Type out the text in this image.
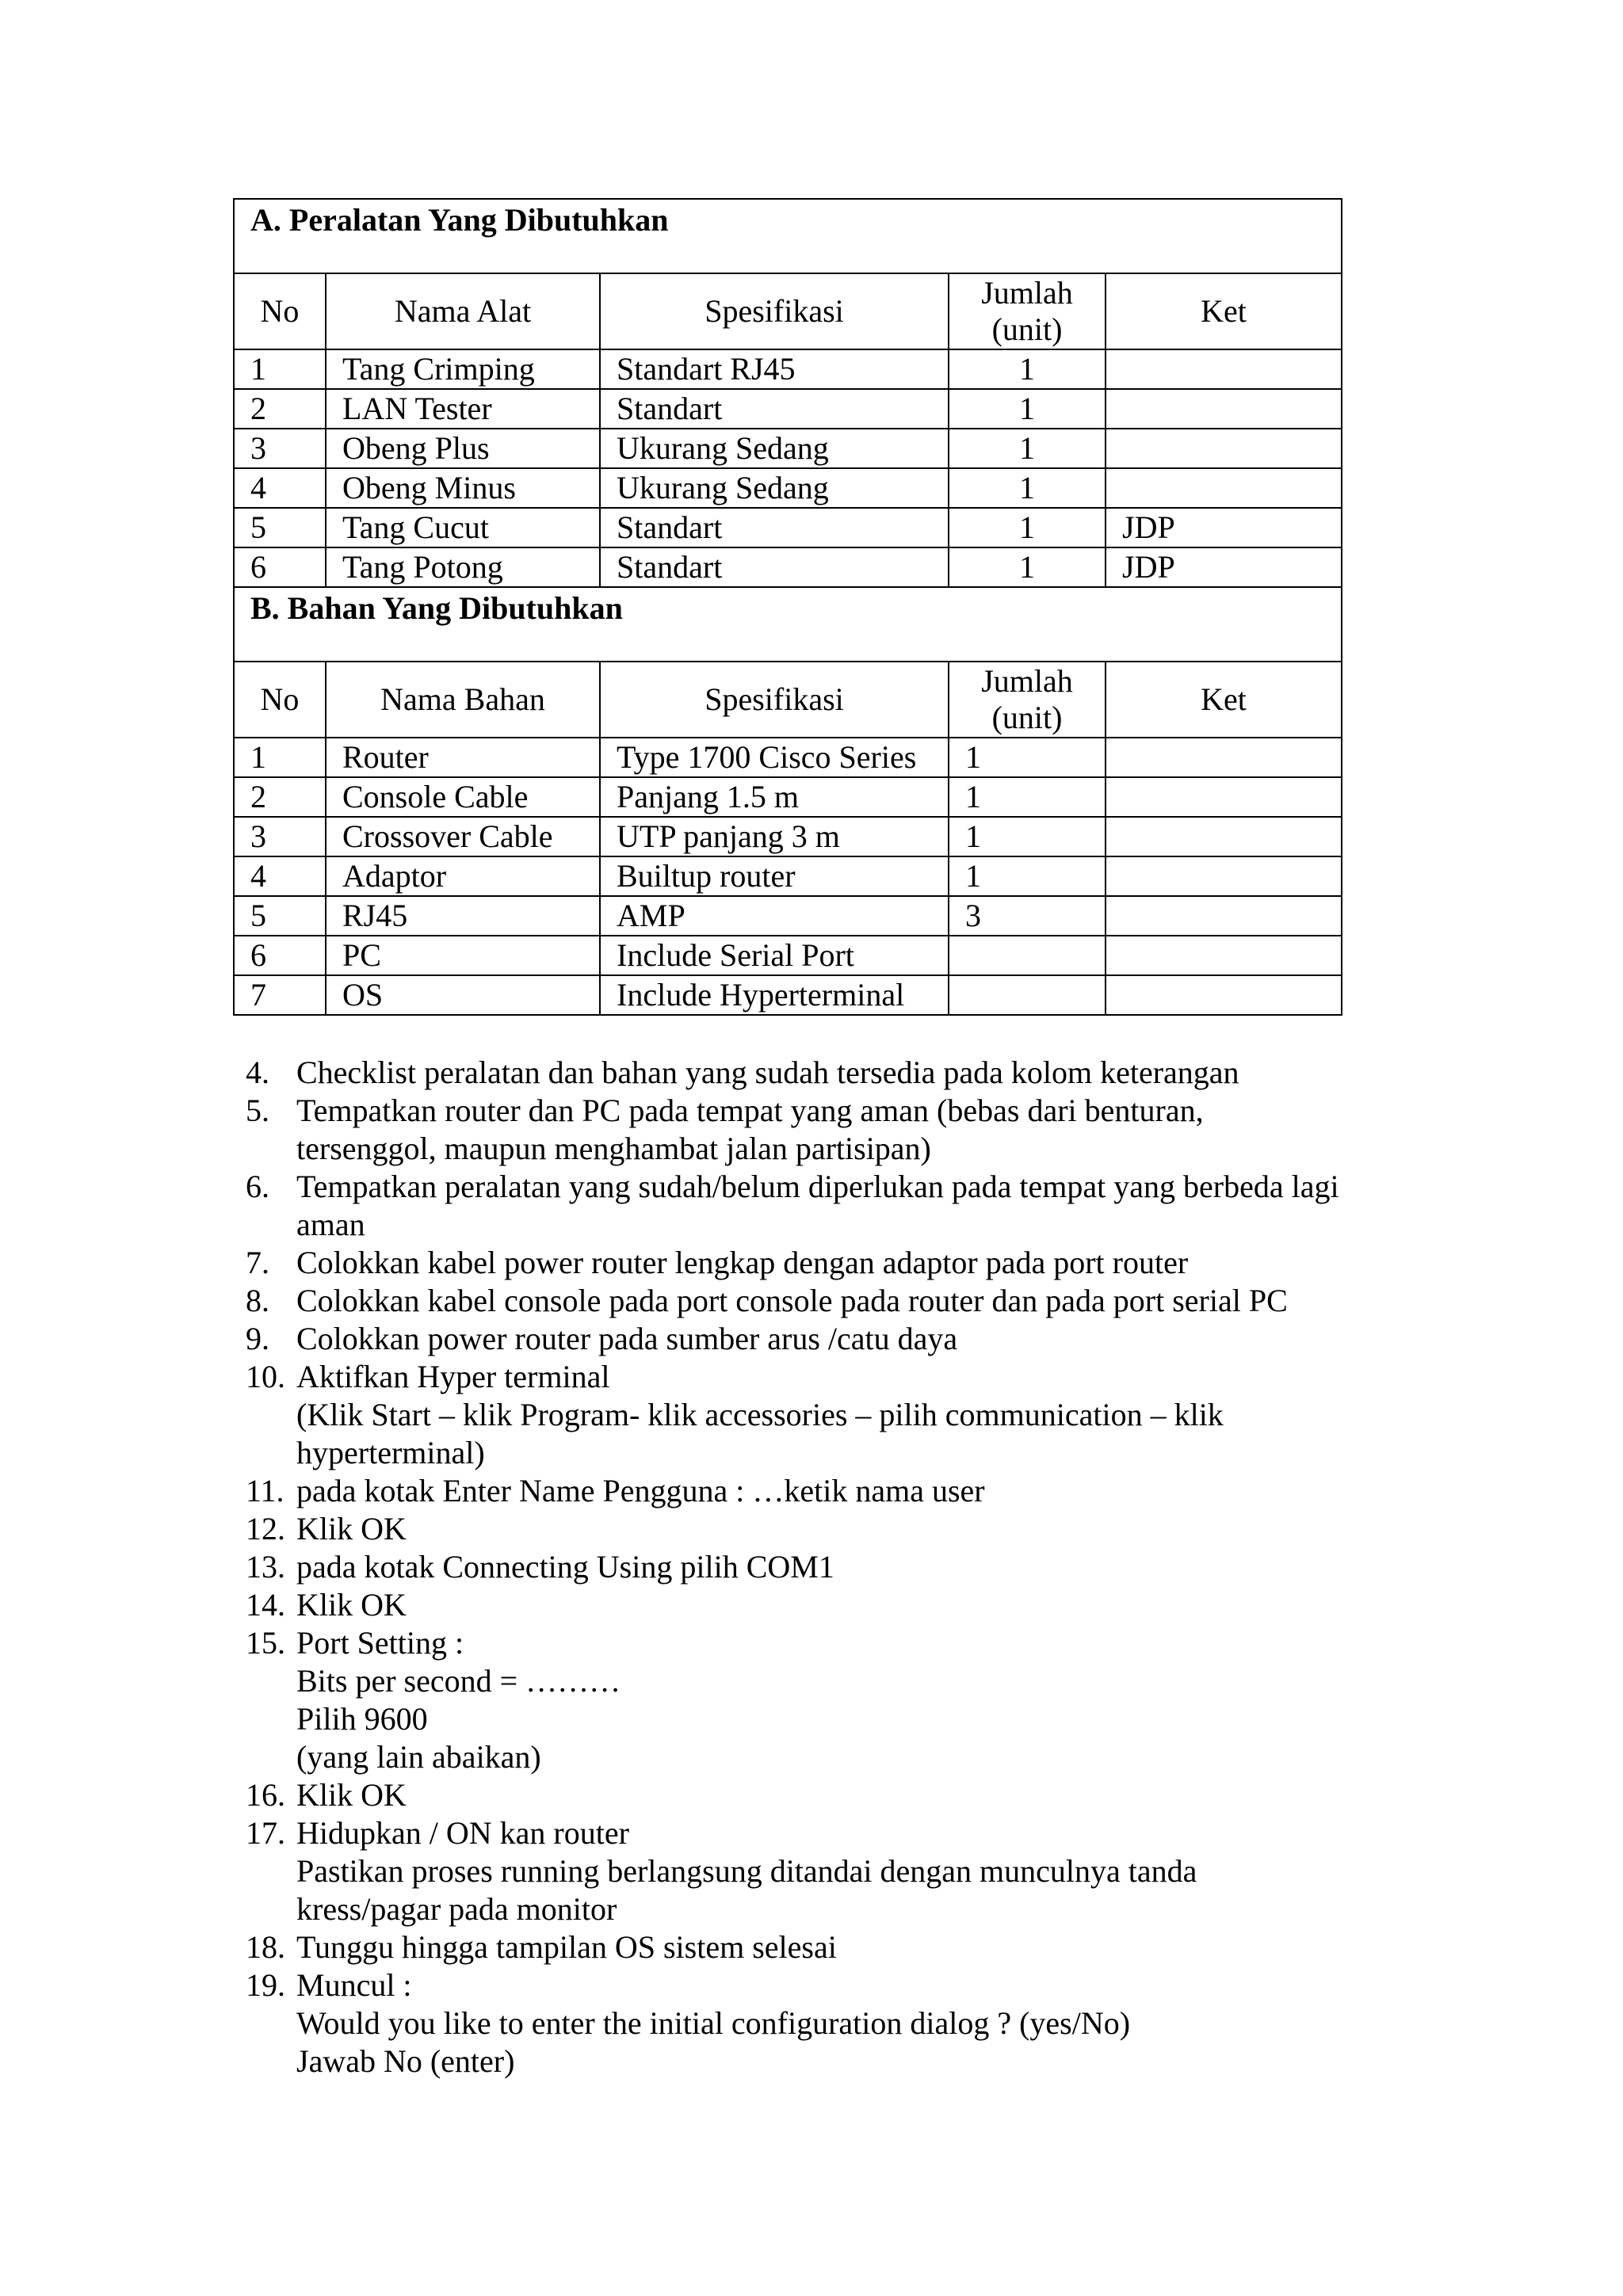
A. Peralatan Yang Dibutuhkan				
No	Nama Alat	Spesifikasi	Jumlah (unit)	Ket
1	Tang Crimping	Standart RJ45	1	
2	LAN Tester	Standart	1	
3	Obeng Plus	Ukurang Sedang	1	
4	Obeng Minus	Ukurang Sedang	1	
5	Tang Cucut	Standart	1	JDP
6	Tang Potong	Standart	1	JDP
B. Bahan Yang Dibutuhkan				
No	Nama Bahan	Spesifikasi	Jumlah (unit)	Ket
1	Router	Type 1700 Cisco Series	1	
2	Console Cable	Panjang 1.5 m	1	
3	Crossover Cable	UTP panjang 3 m	1	
4	Adaptor	Builtup router	1	
5	RJ45	AMP	3	
6	PC	Include Serial Port		
7	OS	Include Hyperterminal		
4. Checklist peralatan dan bahan yang sudah tersedia pada kolom keterangan
5. Tempatkan router dan PC pada tempat yang aman (bebas dari benturan,
tersenggol, maupun menghambat jalan partisipan)
6. Tempatkan peralatan yang sudah/belum diperlukan pada tempat yang berbeda lagi
aman
7. Colokkan kabel power router lengkap dengan adaptor pada port router
8. Colokkan kabel console pada port console pada router dan pada port serial PC
9. Colokkan power router pada sumber arus /catu daya
10. Aktifkan Hyper terminal
(Klik Start – klik Program- klik accessories – pilih communication – klik
hyperterminal)
11. pada kotak Enter Name Pengguna : …ketik nama user
12. Klik OK
13. pada kotak Connecting Using pilih COM1
14. Klik OK
15. Port Setting :
Bits per second = ………
Pilih 9600
(yang lain abaikan)
16. Klik OK
17. Hidupkan / ON kan router
Pastikan proses running berlangsung ditandai dengan munculnya tanda
kress/pagar pada monitor
18. Tunggu hingga tampilan OS sistem selesai
19. Muncul :
Would you like to enter the initial configuration dialog ? (yes/No)
Jawab No (enter)
